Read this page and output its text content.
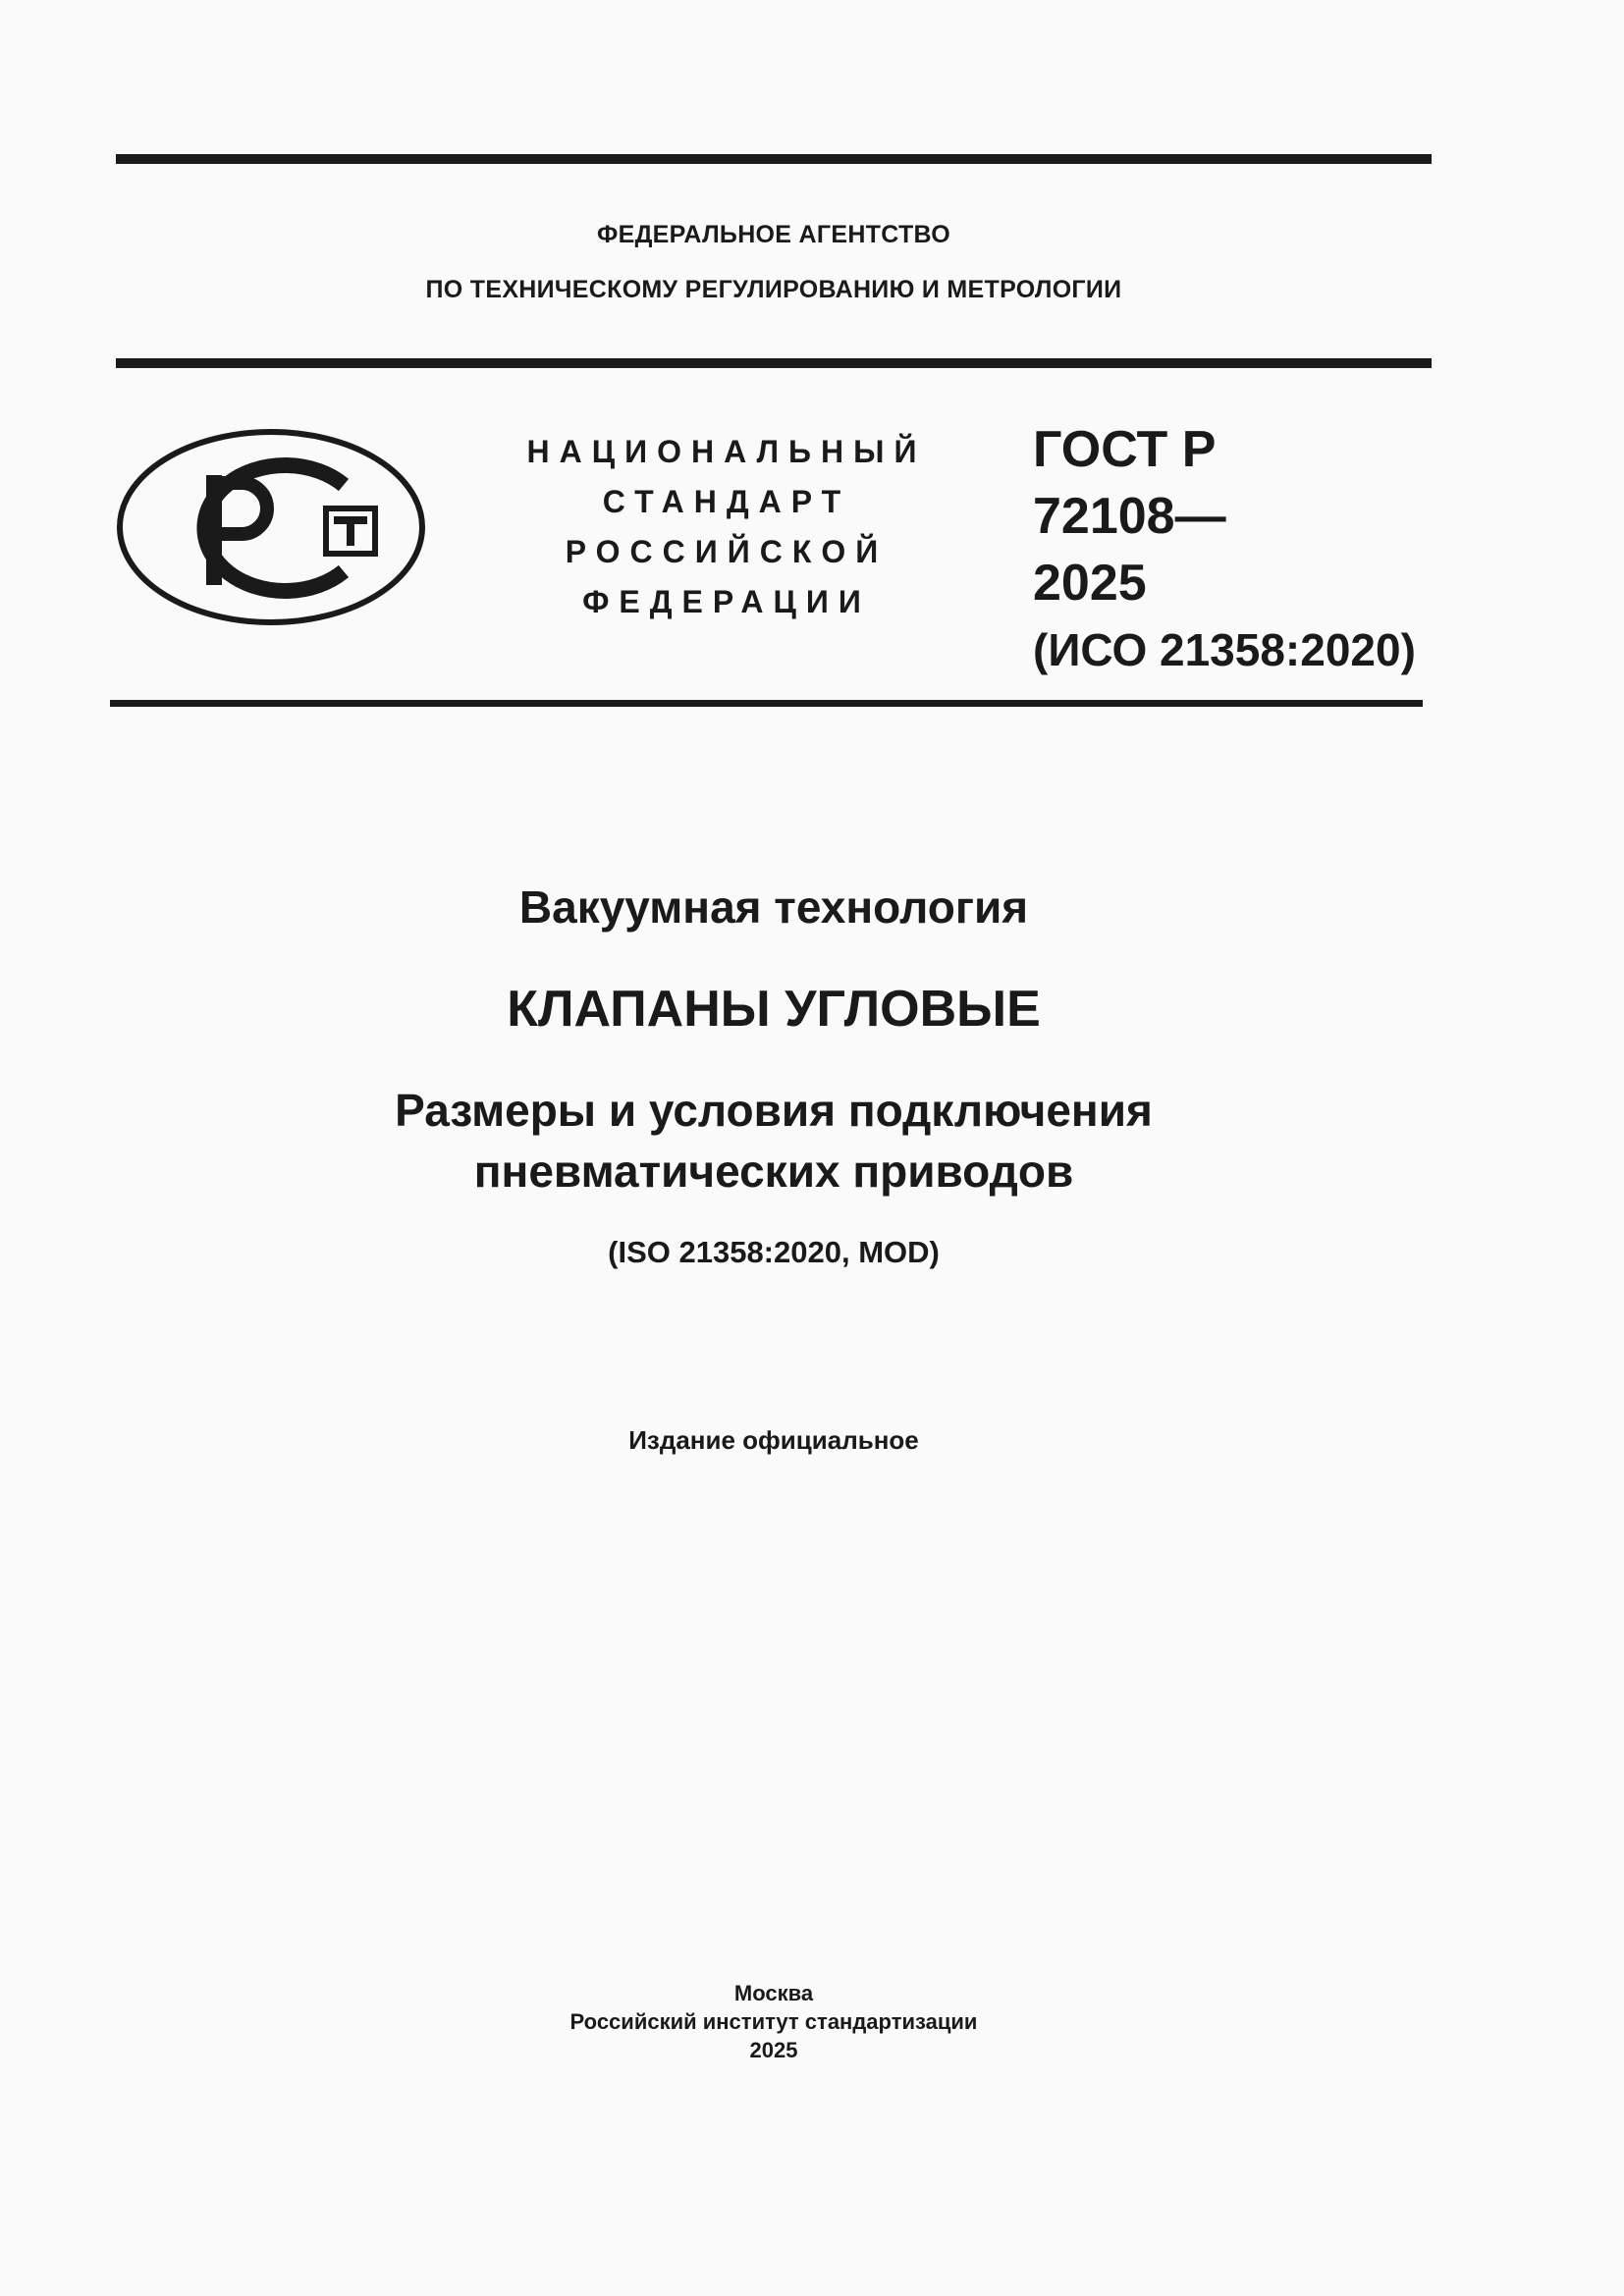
ФЕДЕРАЛЬНОЕ АГЕНТСТВО
ПО ТЕХНИЧЕСКОМУ РЕГУЛИРОВАНИЮ И МЕТРОЛОГИИ
НАЦИОНАЛЬНЫЙ
СТАНДАРТ
РОССИЙСКОЙ
ФЕДЕРАЦИИ
ГОСТ Р
72108—
2025
(ИСО 21358:2020)
Вакуумная технология
КЛАПАНЫ УГЛОВЫЕ
Размеры и условия подключения
пневматических приводов
(ISO 21358:2020, MOD)
Издание официальное
Москва
Российский институт стандартизации
2025
